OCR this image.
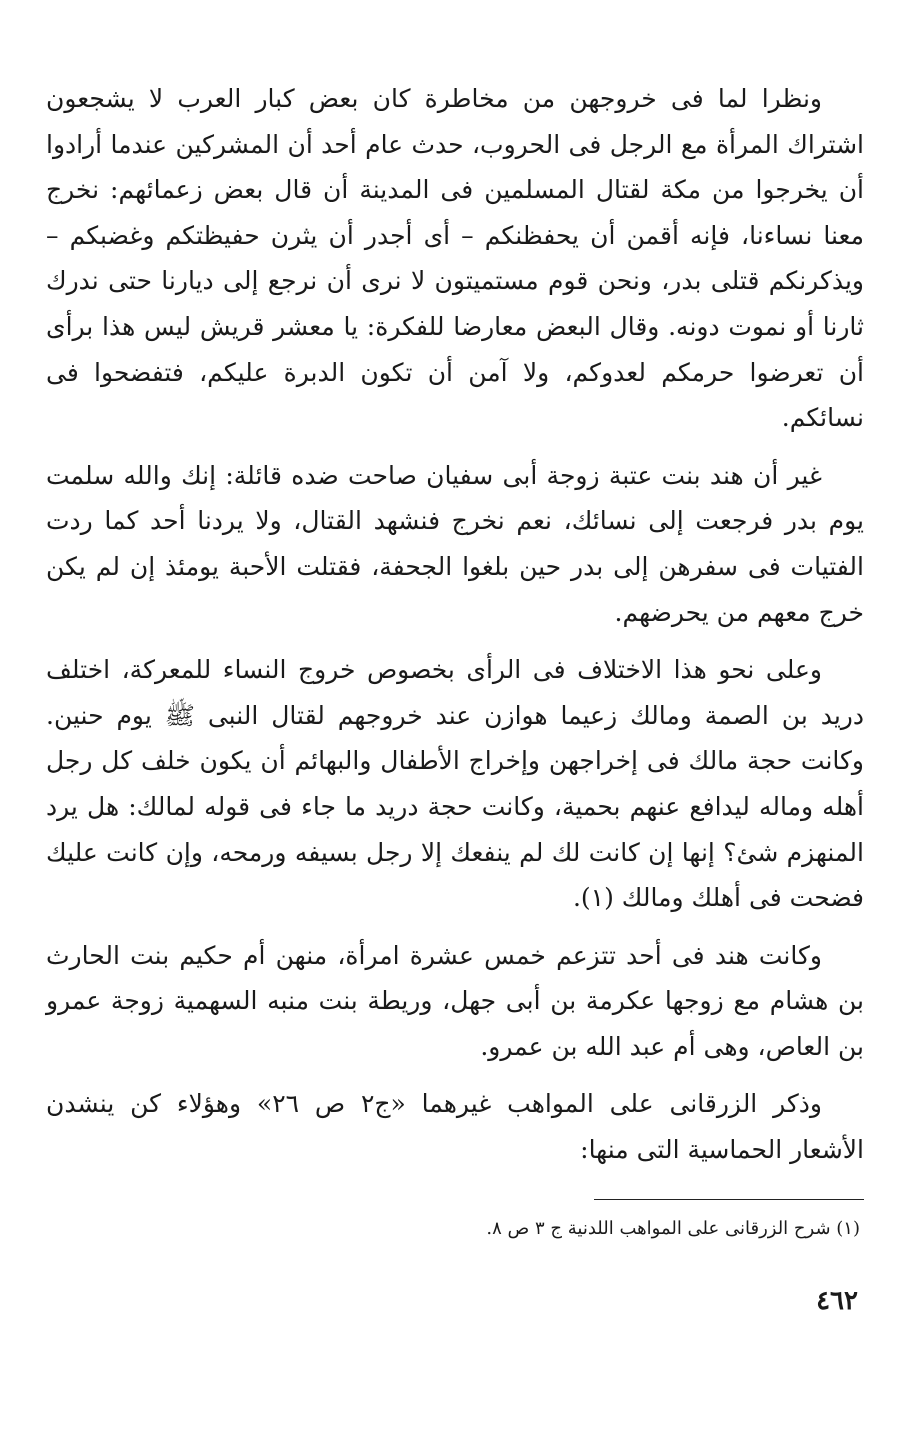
ونظرا لما فى خروجهن من مخاطرة كان بعض كبار العرب لا يشجعون اشتراك المرأة مع الرجل فى الحروب، حدث عام أحد أن المشركين عندما أرادوا أن يخرجوا من مكة لقتال المسلمين فى المدينة أن قال بعض زعمائهم: نخرج معنا نساءنا، فإنه أقمن أن يحفظنكم – أى أجدر أن يثرن حفيظتكم وغضبكم – ويذكرنكم قتلى بدر، ونحن قوم مستميتون لا نرى أن نرجع إلى ديارنا حتى ندرك ثارنا أو نموت دونه. وقال البعض معارضا للفكرة: يا معشر قريش ليس هذا برأى أن تعرضوا حرمكم لعدوكم، ولا آمن أن تكون الدبرة عليكم، فتفضحوا فى نسائكم.

غير أن هند بنت عتبة زوجة أبى سفيان صاحت ضده قائلة: إنك والله سلمت يوم بدر فرجعت إلى نسائك، نعم نخرج فنشهد القتال، ولا يردنا أحد كما ردت الفتيات فى سفرهن إلى بدر حين بلغوا الجحفة، فقتلت الأحبة يومئذ إن لم يكن خرج معهم من يحرضهم.

وعلى نحو هذا الاختلاف فى الرأى بخصوص خروج النساء للمعركة، اختلف دريد بن الصمة ومالك زعيما هوازن عند خروجهم لقتال النبى ﷺ يوم حنين. وكانت حجة مالك فى إخراجهن وإخراج الأطفال والبهائم أن يكون خلف كل رجل أهله وماله ليدافع عنهم بحمية، وكانت حجة دريد ما جاء فى قوله لمالك: هل يرد المنهزم شئ؟ إنها إن كانت لك لم ينفعك إلا رجل بسيفه ورمحه، وإن كانت عليك فضحت فى أهلك ومالك (١).

وكانت هند فى أحد تتزعم خمس عشرة امرأة، منهن أم حكيم بنت الحارث بن هشام مع زوجها عكرمة بن أبى جهل، وريطة بنت منبه السهمية زوجة عمرو بن العاص، وهى أم عبد الله بن عمرو.

وذكر الزرقانى على المواهب غيرهما «ج٢ ص ٢٦» وهؤلاء كن ينشدن الأشعار الحماسية التى منها:

(١) شرح الزرقانى على المواهب اللدنية ج ٣ ص ٨.

٤٦٢
